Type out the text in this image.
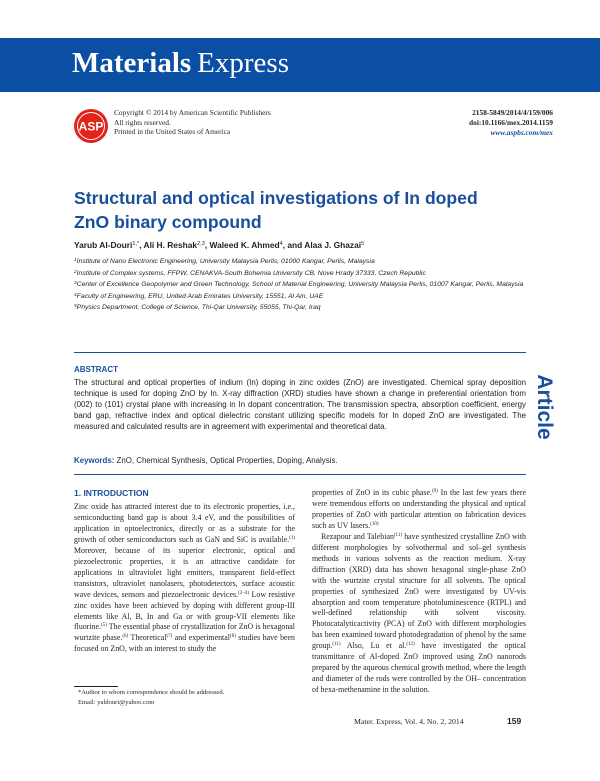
Materials Express
ASP
Copyright © 2014 by American Scientific Publishers
All rights reserved.
Printed in the United States of America
2158-5849/2014/4/159/006
doi:10.1166/mex.2014.1159
www.aspbs.com/mex
Article
Structural and optical investigations of In doped ZnO binary compound
Yarub Al-Douri$^{1,*}$, Ali H. Reshak$^{2,3}$, Waleed K. Ahmed$^4$, and Alaa J. Ghazai$^5$
$^1$Institute of Nano Electronic Engineering, University Malaysia Perlis, 01000 Kangar, Perlis, Malaysia
$^2$Institute of Complex systems, FFPW, CENAKVA-South Bohemia University CB, Nove Hrady 37333, Czech Republic
$^3$Center of Excellence Geopolymer and Green Technology, School of Material Engineering, University Malaysia Perlis, 01007 Kangar, Perlis, Malaysia
$^4$Faculty of Engineering, ERU, United Arab Emirates University, 15551, Al Ain, UAE
$^5$Physics Department, College of Science, Thi-Qar University, 55055, Thi-Qar, Iraq
ABSTRACT
The structural and optical properties of indium (In) doping in zinc oxides (ZnO) are investigated. Chemical spray deposition technique is used for doping ZnO by In. X-ray diffraction (XRD) studies have shown a change in preferential orientation from (002) to (101) crystal plane with increasing in In dopant concentration. The transmission spectra, absorption coefficient, energy band gap, refractive index and optical dielectric constant utilizing specific models for In doped ZnO are investigated. The measured and calculated results are in agreement with experimental and theoretical data.
Keywords: ZnO, Chemical Synthesis, Optical Properties, Doping, Analysis.
1. INTRODUCTION

Zinc oxide has attracted interest due to its electronic properties, i.e., semiconducting band gap is about 3.4 eV, and the possibilities of application in optoelectronics, directly or as a substrate for the growth of other semiconductors such as GaN and SiC is available.$^{(1)}$ Moreover, because of its superior electronic, optical and piezoelectronic properties, it is an attractive candidate for applications in ultraviolet light emitters, transparent field-effect transistors, ultraviolet nanolasers, photodetectors, surface acoustic wave devices, sensors and piezoelectronic devices.$^{(2-4)}$ Low resistive zinc oxides have been achieved by doping with different group-III elements like Al, B, In and Ga or with group-VII elements like fluorine.$^{(5)}$ The essential phase of crystallization for ZnO is hexagonal wurtzite phase.$^{(6)}$ Theoretical$^{(7)}$ and experimental$^{(8)}$ studies have been focused on ZnO, with an interest to study the

properties of ZnO in its cubic phase.$^{(9)}$ In the last few years there were tremendous efforts on understanding the physical and optical properties of ZnO with particular attention on fabrication devices such as UV lasers.$^{(10)}$

Rezapour and Talebian$^{(11)}$ have synthesized crystalline ZnO with different morphologies by solvothermal and sol–gel synthesis methods in various solvents as the reaction medium. X-ray diffraction (XRD) data has shown hexagonal single-phase ZnO with the wurtzite crystal structure for all solvents. The optical properties of synthesized ZnO were investigated by UV-vis absorption and room temperature photoluminescence (RTPL) and well-defined relationship with solvent viscosity. Photocatalyticactivity (PCA) of ZnO with different morphologies has been examined toward photodegradation of phenol by the same group.$^{(11)}$ Also, Lu et al.$^{(12)}$ have investigated the optical transmittance of Al-doped ZnO improved using ZnO nanorods prepared by the aqueous chemical growth method, where the length and diameter of the rods were controlled by the OH– concentration of hexa-methenamine in the solution.

*Author to whom correspondence should be addressed.
Email: yaldouri@yahoo.com
Mater. Express, Vol. 4, No. 2, 2014	159
